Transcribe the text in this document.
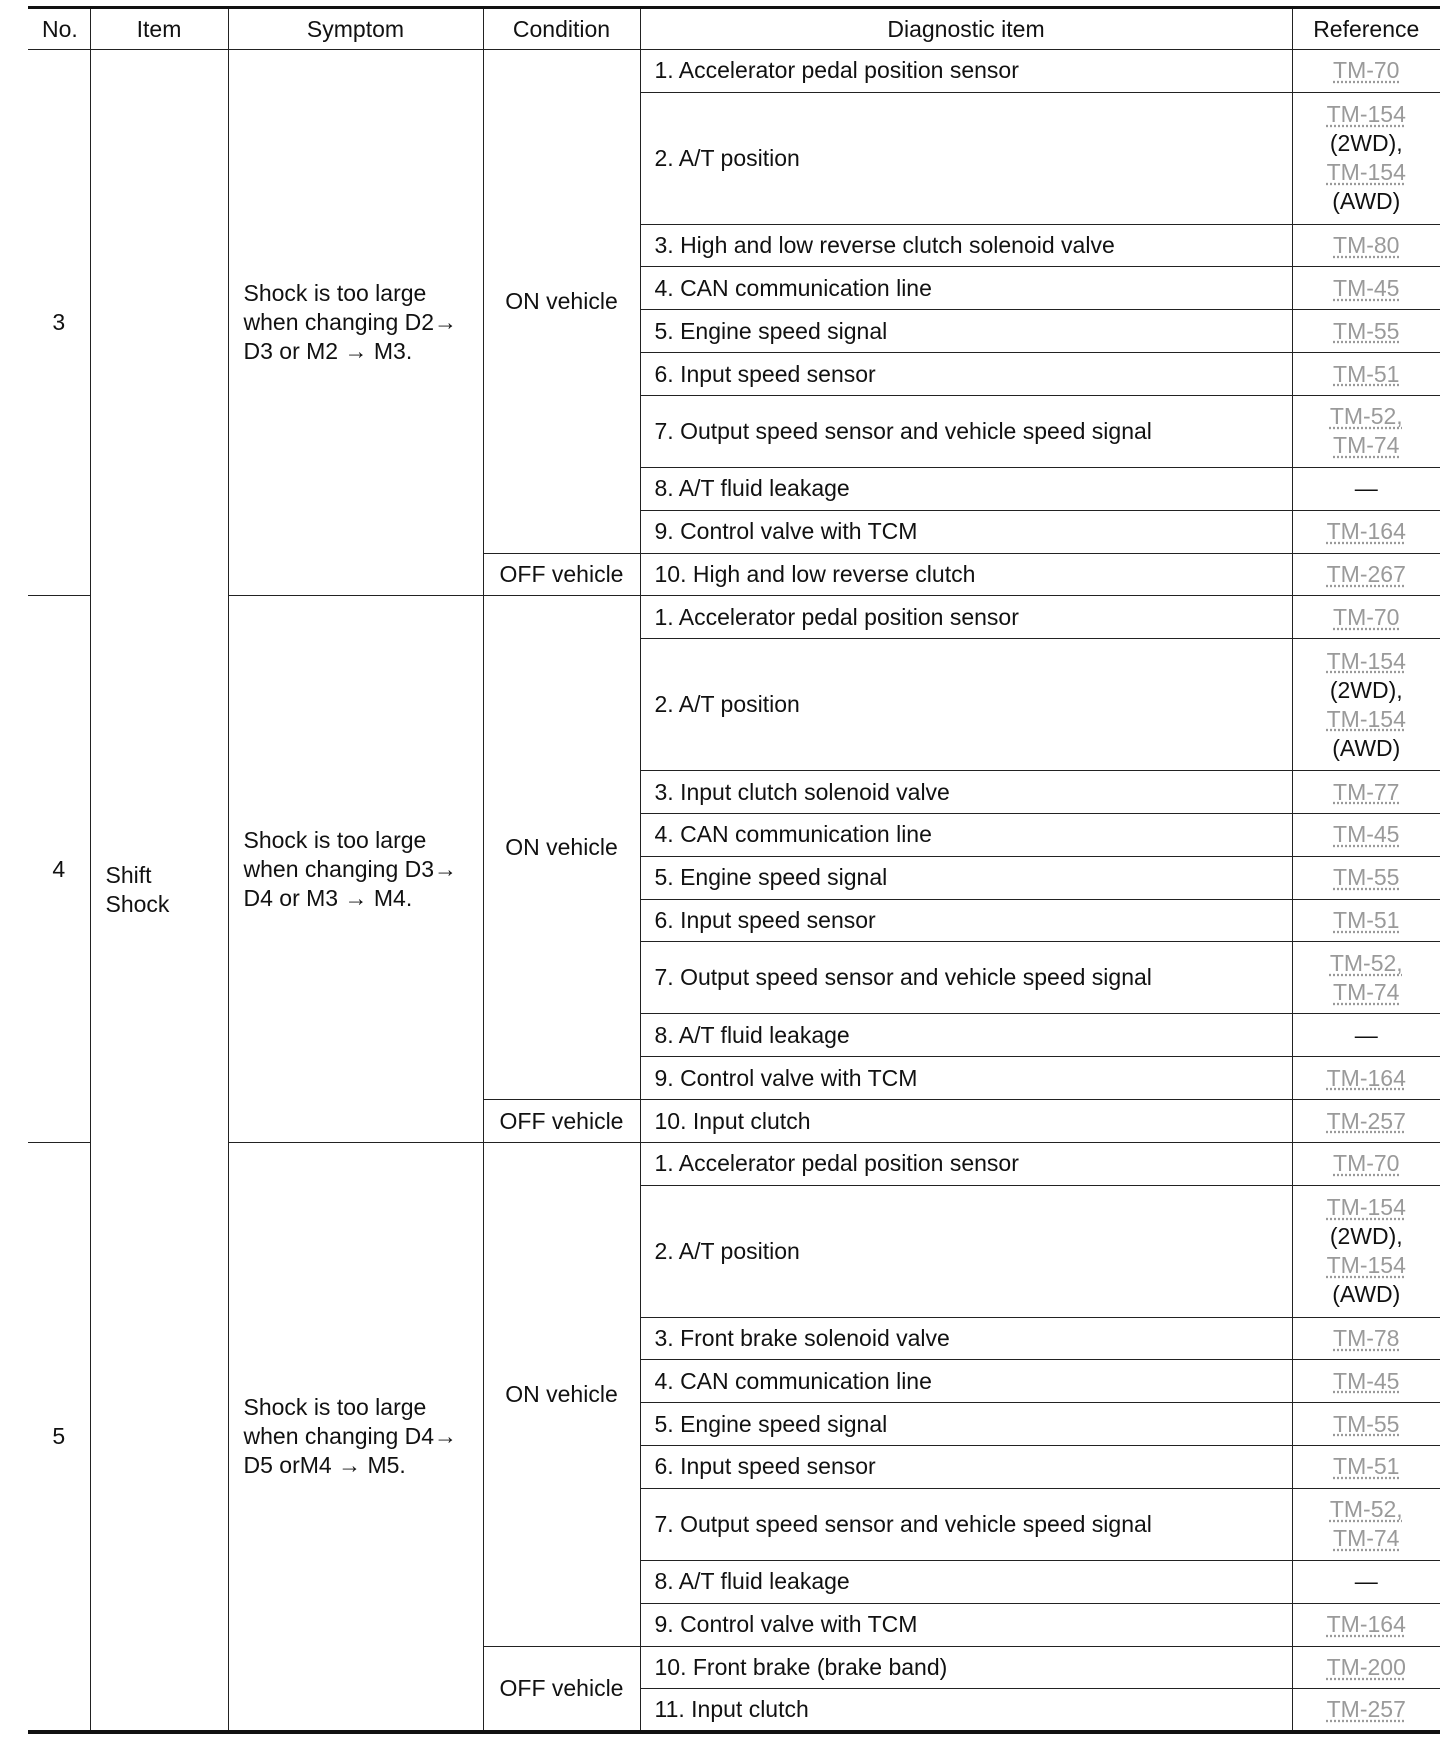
No.	Item	Symptom	Condition	Diagnostic item	Reference
3	Shift Shock	Shock is too large when changing D2→ D3 or M2 → M3.	ON vehicle	1. Accelerator pedal position sensor	TM-70

				2. A/T position	TM-154
(2WD),
TM-154
(AWD)

				3. High and low reverse clutch solenoid valve	TM-80

				4. CAN communication line	TM-45

				5. Engine speed signal	TM-55

				6. Input speed sensor	TM-51

				7. Output speed sensor and vehicle speed signal	TM-52,
TM-74

				8. A/T fluid leakage	—

				9. Control valve with TCM	TM-164

			OFF vehicle	10. High and low reverse clutch	TM-267

4		Shock is too large when changing D3→ D4 or M3 → M4.	ON vehicle	1. Accelerator pedal position sensor	TM-70

				2. A/T position	TM-154
(2WD),
TM-154
(AWD)

				3. Input clutch solenoid valve	TM-77

				4. CAN communication line	TM-45

				5. Engine speed signal	TM-55

				6. Input speed sensor	TM-51

				7. Output speed sensor and vehicle speed signal	TM-52,
TM-74

				8. A/T fluid leakage	—

				9. Control valve with TCM	TM-164

			OFF vehicle	10. Input clutch	TM-257

5		Shock is too large when changing D4→ D5 orM4 → M5.	ON vehicle	1. Accelerator pedal position sensor	TM-70

				2. A/T position	TM-154
(2WD),
TM-154
(AWD)

				3. Front brake solenoid valve	TM-78

				4. CAN communication line	TM-45

				5. Engine speed signal	TM-55

				6. Input speed sensor	TM-51

				7. Output speed sensor and vehicle speed signal	TM-52,
TM-74

				8. A/T fluid leakage	—

				9. Control valve with TCM	TM-164

			OFF vehicle	10. Front brake (brake band)	TM-200

				11. Input clutch	TM-257
